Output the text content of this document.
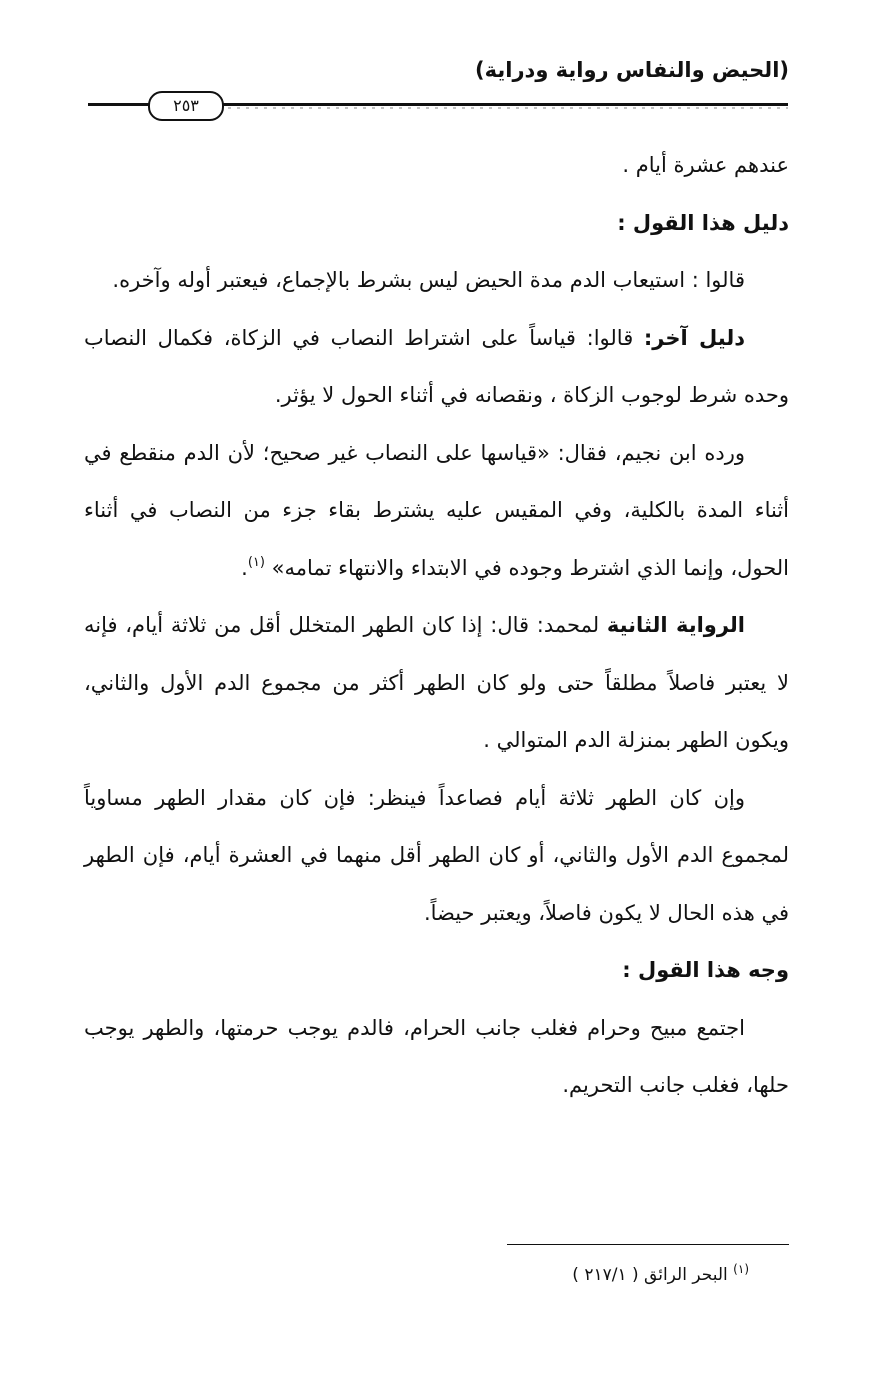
(الحيض والنفاس رواية ودراية)
٢٥٣

عندهم عشرة أيام .

دليل هذا القول :

قالوا : استيعاب الدم مدة الحيض ليس بشرط بالإجماع، فيعتبر أوله وآخره.

دليل آخر: قالوا: قياساً على اشتراط النصاب في الزكاة، فكمال النصاب وحده شرط لوجوب الزكاة ، ونقصانه في أثناء الحول لا يؤثر.

ورده ابن نجيم، فقال: «قياسها على النصاب غير صحيح؛ لأن الدم منقطع في أثناء المدة بالكلية، وفي المقيس عليه يشترط بقاء جزء من النصاب في أثناء الحول، وإنما الذي اشترط وجوده في الابتداء والانتهاء تمامه» $^{(١)}$.

الرواية الثانية لمحمد: قال: إذا كان الطهر المتخلل أقل من ثلاثة أيام، فإنه لا يعتبر فاصلاً مطلقاً حتى ولو كان الطهر أكثر من مجموع الدم الأول والثاني، ويكون الطهر بمنزلة الدم المتوالي .

وإن كان الطهر ثلاثة أيام فصاعداً فينظر: فإن كان مقدار الطهر مساوياً لمجموع الدم الأول والثاني، أو كان الطهر أقل منهما في العشرة أيام، فإن الطهر في هذه الحال لا يكون فاصلاً، ويعتبر حيضاً.

وجه هذا القول :

اجتمع مبيح وحرام فغلب جانب الحرام، فالدم يوجب حرمتها، والطهر يوجب حلها، فغلب جانب التحريم.

$^{(١)}$ البحر الرائق ( ٢١٧/١ )
